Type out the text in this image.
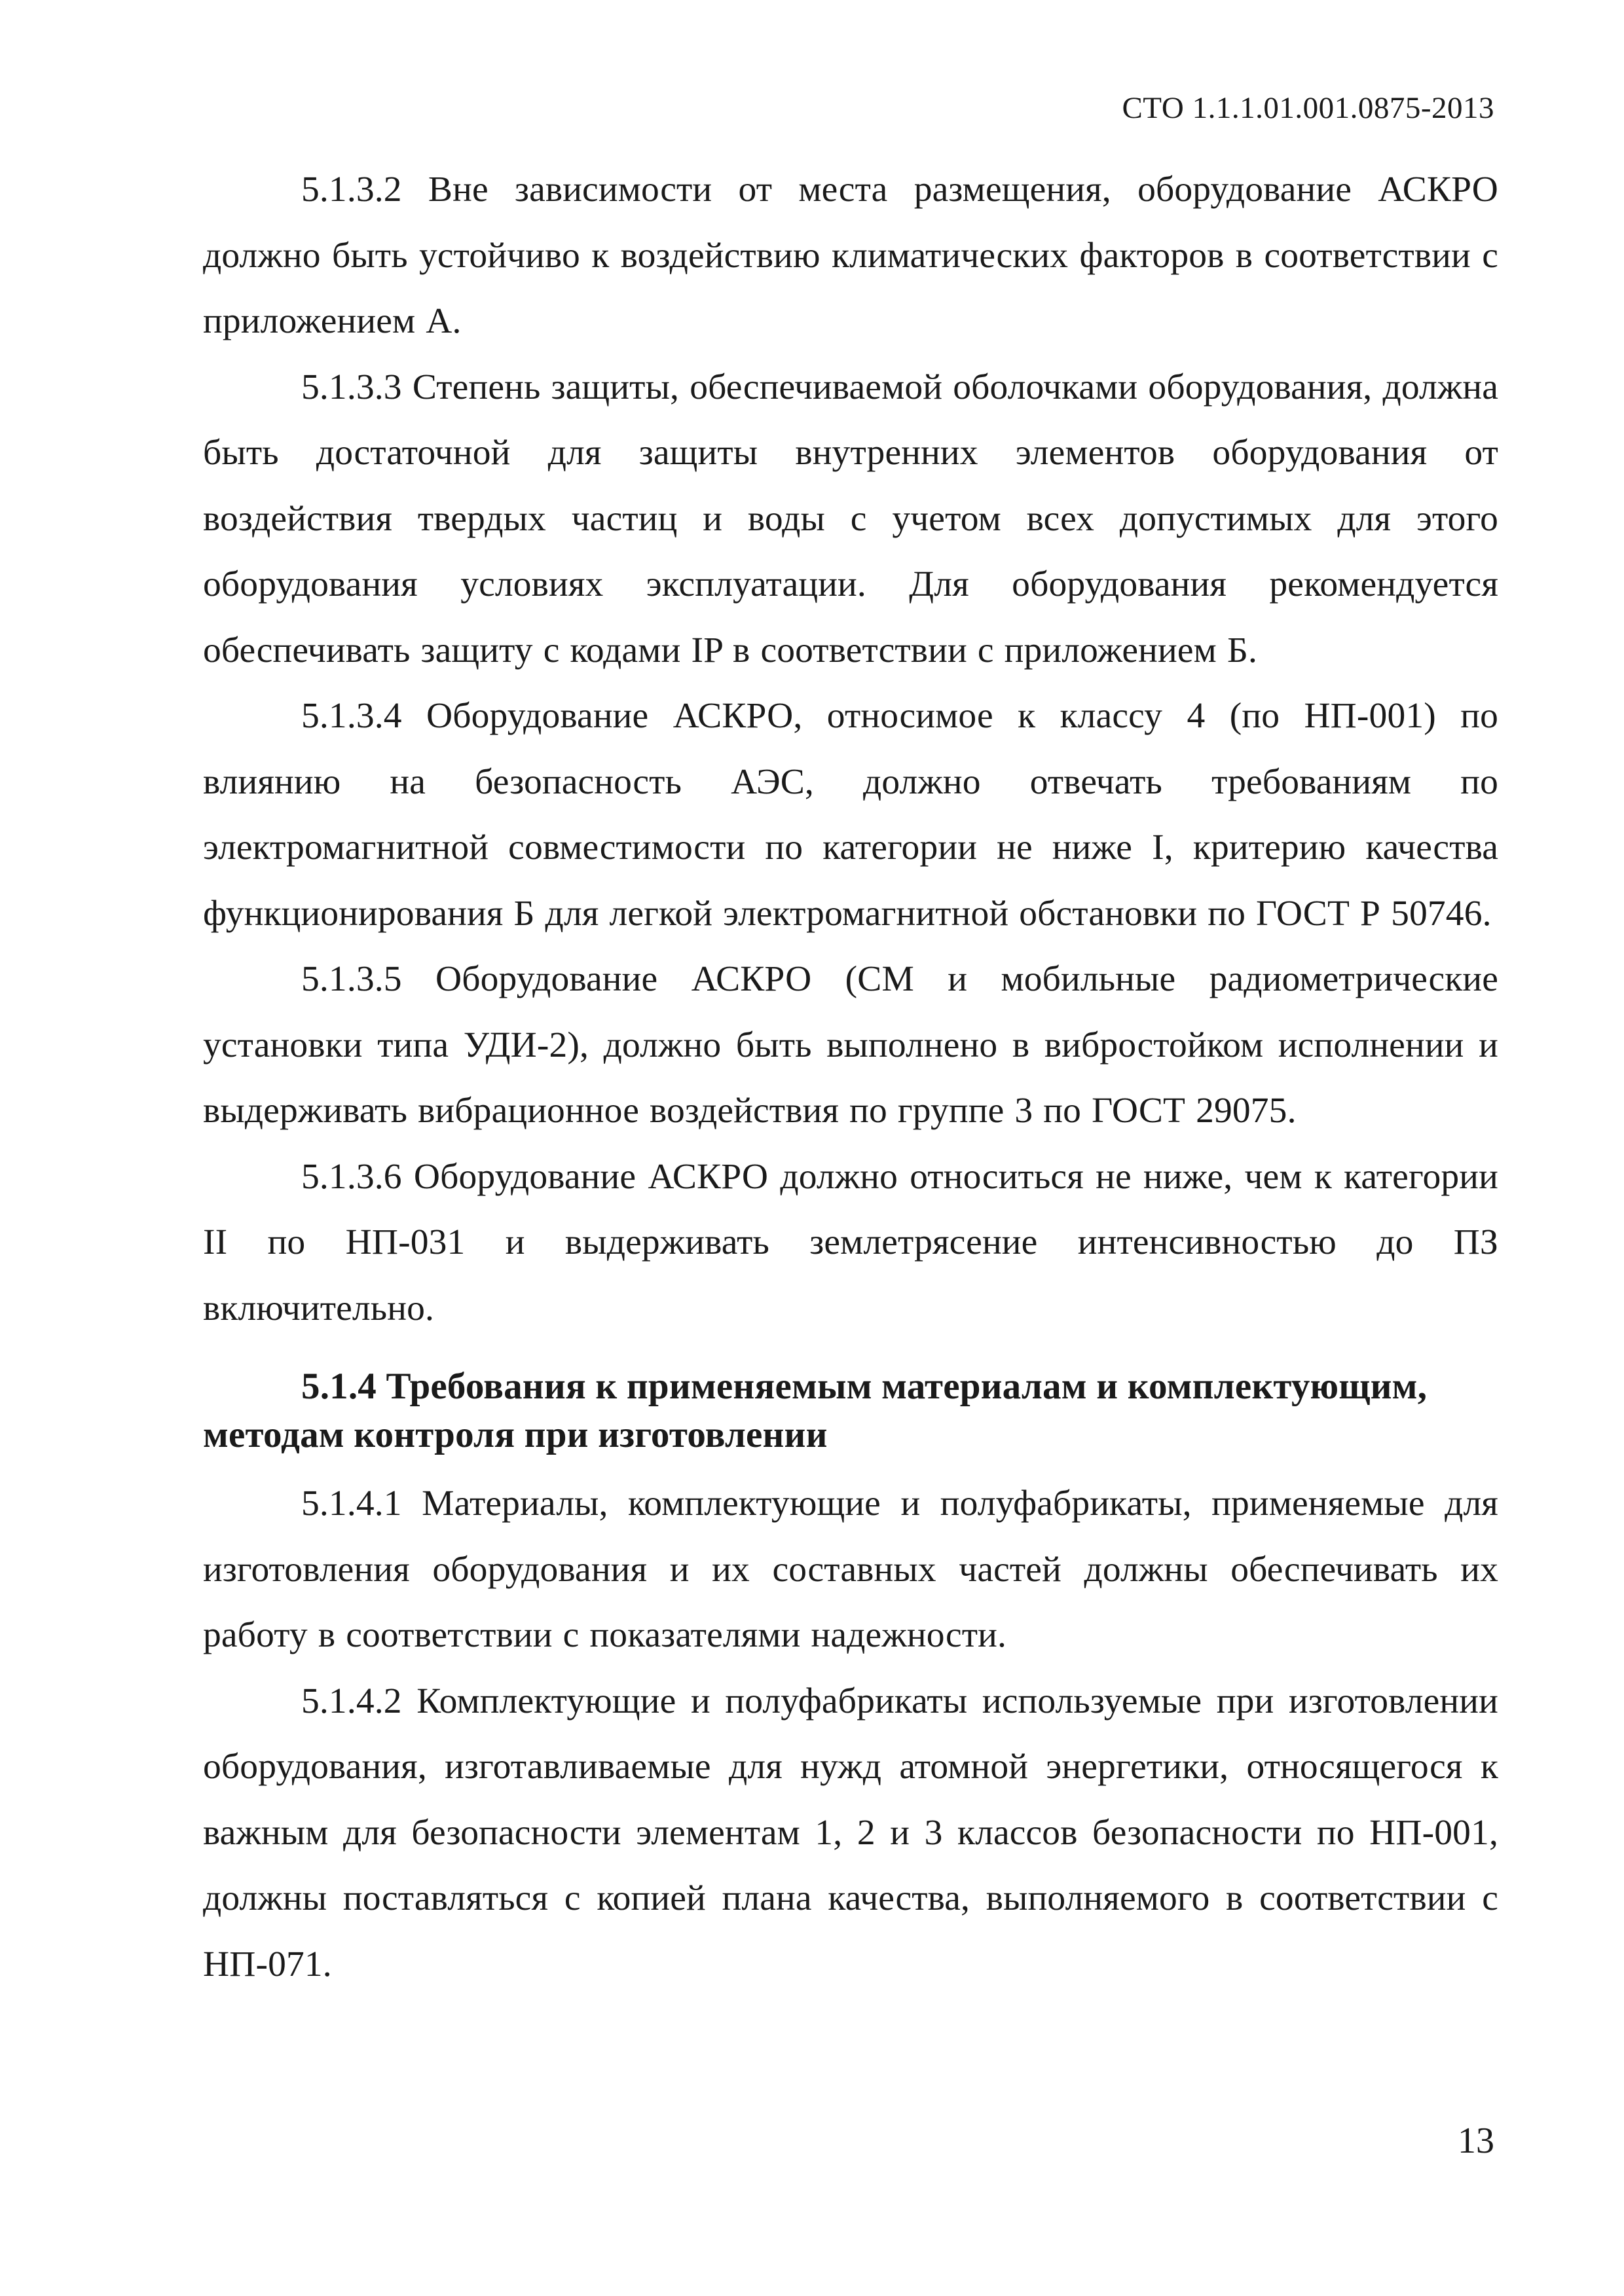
СТО 1.1.1.01.001.0875-2013

5.1.3.2 Вне зависимости от места размещения, оборудование АСКРО должно быть устойчиво к воздействию климатических факторов в соответствии с приложением А.

5.1.3.3 Степень защиты, обеспечиваемой оболочками оборудования, должна быть достаточной для защиты внутренних элементов оборудования от воздействия твердых частиц и воды с учетом всех допустимых для этого оборудования условиях эксплуатации. Для оборудования рекомендуется обеспечивать защиту с кодами IP в соответствии с приложением Б.

5.1.3.4 Оборудование АСКРО, относимое к классу 4 (по НП-001) по влиянию на безопасность АЭС, должно отвечать требованиям по электромагнитной совместимости по категории не ниже I, критерию качества функционирования Б для легкой электромагнитной обстановки по ГОСТ Р 50746.

5.1.3.5 Оборудование АСКРО (СМ и мобильные радиометрические установки типа УДИ-2), должно быть выполнено в вибростойком исполнении и выдерживать вибрационное воздействия по группе 3 по ГОСТ 29075.

5.1.3.6 Оборудование АСКРО должно относиться не ниже, чем к категории II по НП-031 и выдерживать землетрясение интенсивностью до ПЗ включительно.

5.1.4 Требования к применяемым материалам и комплектующим, методам контроля при изготовлении

5.1.4.1 Материалы, комплектующие и полуфабрикаты, применяемые для изготовления оборудования и их составных частей должны обеспечивать их работу в соответствии с показателями надежности.

5.1.4.2 Комплектующие и полуфабрикаты используемые при изготовлении оборудования, изготавливаемые для нужд атомной энергетики, относящегося к важным для безопасности элементам 1, 2 и 3 классов безопасности по НП-001, должны поставляться с копией плана качества, выполняемого в соответствии с НП-071.

13
